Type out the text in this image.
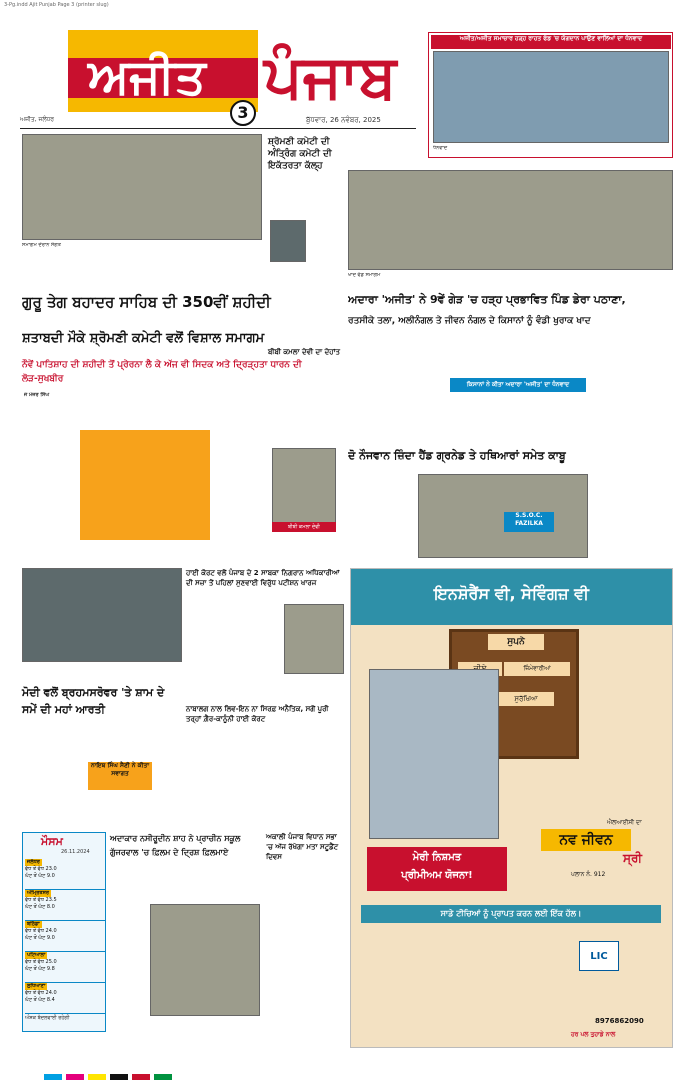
3-Pg.indd Ajit Punjab Page 3 (printer slug)
ਅਜੀਤ ਪੰਜਾਬ
3
ਅਜੀਤ, ਜਲੰਧਰ	ਬੁੱਧਵਾਰ, 26 ਨਵੰਬਰ, 2025
ਅਜੀਤ/ਅਜੀਤ ਸਮਾਚਾਰ ਹੜ੍ਹ ਰਾਹਤ ਫੰਡ 'ਚ ਯੋਗਦਾਨ ਪਾਉਣ ਵਾਲਿਆਂ ਦਾ ਧੰਨਵਾਦ
ਧੰਨਵਾਦ
ਸਮਾਗਮ ਦੌਰਾਨ ਸੰਗਤ
ਸ਼੍ਰੋਮਣੀ ਕਮੇਟੀ ਦੀ ਅੰਤ੍ਰਿੰਗ ਕਮੇਟੀ ਦੀ ਇਕੱਤਰਤਾ ਕੱਲ੍ਹ
ਗੁਰੂ ਤੇਗ ਬਹਾਦਰ ਸਾਹਿਬ ਦੀ 350ਵੀਂ ਸ਼ਹੀਦੀ
ਸ਼ਤਾਬਦੀ ਮੌਕੇ ਸ਼੍ਰੋਮਣੀ ਕਮੇਟੀ ਵਲੋਂ ਵਿਸ਼ਾਲ ਸਮਾਗਮ
ਨੌਵੇਂ ਪਾਤਿਸ਼ਾਹ ਦੀ ਸ਼ਹੀਦੀ ਤੋਂ ਪ੍ਰੇਰਨਾ ਲੈ ਕੇ ਅੱਜ ਵੀ ਸਿਦਕ ਅਤੇ ਦ੍ਰਿੜ੍ਹਤਾ ਧਾਰਨ ਦੀ ਲੋੜ-ਸੁਖਬੀਰ
ਜੋ ਮੇਜਰ ਸਿੰਘ
ਬੀਬੀ ਕਮਲਾ ਦੇਵੀ ਦਾ ਦੇਹਾਂਤ
ਬੀਬੀ ਕਮਲਾ ਦੇਵੀ
ਖਾਦ ਵੰਡ ਸਮਾਗਮ
ਅਦਾਰਾ 'ਅਜੀਤ' ਨੇ 9ਵੇਂ ਗੇੜ 'ਚ ਹੜ੍ਹ ਪ੍ਰਭਾਵਿਤ ਪਿੰਡ ਡੇਰਾ ਪਠਾਣਾ,
ਰਤਸੀਕੇ ਤਲਾ, ਅਲੀਨੰਗਲ ਤੇ ਜੀਵਨ ਨੰਗਲ ਦੇ ਕਿਸਾਨਾਂ ਨੂੰ ਵੰਡੀ ਖੁਰਾਕ ਖਾਦ
ਕਿਸਾਨਾਂ ਨੇ ਕੀਤਾ ਅਦਾਰਾ 'ਅਜੀਤ' ਦਾ ਧੰਨਵਾਦ
ਦੋ ਨੌਜਵਾਨ ਜ਼ਿੰਦਾ ਹੈਂਡ ਗ੍ਰਨੇਡ ਤੇ ਹਥਿਆਰਾਂ ਸਮੇਤ ਕਾਬੂ
S.S.O.C. FAZILKA
ਮੋਦੀ ਵਲੋਂ ਬ੍ਰਹਮਸਰੋਵਰ 'ਤੇ ਸ਼ਾਮ ਦੇ ਸਮੇਂ ਦੀ ਮਹਾਂ ਆਰਤੀ
ਨਾਇਬ ਸਿੰਘ ਸੈਣੀ ਨੇ ਕੀਤਾ ਸਵਾਗਤ
ਹਾਈ ਕੋਰਟ ਵਲੋਂ ਪੰਜਾਬ ਦੇ 2 ਸਾਬਕਾ ਨਿਗਰਾਨ ਅਧਿਕਾਰੀਆਂ ਦੀ ਸਜ਼ਾ ਤੋਂ ਪਹਿਲਾਂ ਸੁਣਵਾਈ ਵਿਰੁੱਧ ਪਟੀਸ਼ਨ ਖਾਰਜ
ਨਾਬਾਲਗ ਨਾਲ ਲਿਵ-ਇਨ ਨਾ ਸਿਰਫ਼ ਅਨੈਤਿਕ, ਸਗੋਂ ਪੂਰੀ ਤਰ੍ਹਾਂ ਗ਼ੈਰ-ਕਾਨੂੰਨੀ ਹਾਈ ਕੋਰਟ
ਮੌਸਮ
26.11.2024
ਜਲੰਧਰ
ਵੱਧ ਤੋਂ ਵੱਧ 23.0
ਘੱਟ ਤੋਂ ਘੱਟ 9.0
ਅੰਮ੍ਰਿਤਸਰ
ਵੱਧ ਤੋਂ ਵੱਧ 23.5
ਘੱਟ ਤੋਂ ਘੱਟ 8.0
ਬਠਿੰਡਾ
ਵੱਧ ਤੋਂ ਵੱਧ 24.0
ਘੱਟ ਤੋਂ ਘੱਟ 9.0
ਪਟਿਆਲਾ
ਵੱਧ ਤੋਂ ਵੱਧ 25.0
ਘੱਟ ਤੋਂ ਘੱਟ 9.8
ਲੁਧਿਆਣਾ
ਵੱਧ ਤੋਂ ਵੱਧ 24.0
ਘੱਟ ਤੋਂ ਘੱਟ 8.4
ਅੰਸ਼ਕ ਬੱਦਲਵਾਈ ਰਹੇਗੀ
ਅਦਾਕਾਰ ਨਸੀਰੂਦੀਨ ਸ਼ਾਹ ਨੇ ਪ੍ਰਾਚੀਨ ਸਕੂਲ ਗੁੱਜਰਵਾਲ 'ਚ ਫ਼ਿਲਮ ਦੇ ਦ੍ਰਿਸ਼ ਫ਼ਿਲਮਾਏ
ਅਕਾਲੀ ਪੰਜਾਬ ਵਿਧਾਨ ਸਭਾ 'ਚ ਅੱਜ ਰੱਖੇਗਾ ਮਤਾ ਸਟੂਡੈਂਟ ਦਿਵਸ
ਇਨਸ਼ੋਰੈਂਸ ਵੀ, ਸੇਵਿੰਗਜ਼ ਵੀ
ਸੁਪਨੇ
ਜ਼ਿੰਮੇਵਾਰੀਆਂ
ਸੁਰੱਖਿਆ
ਮੇਰੀ ਨਿਸ਼ਮਤ
ਪ੍ਰੀਮੀਅਮ ਯੋਜਨਾ!
ਐਲਆਈਸੀ ਦਾ
ਨਵ ਜੀਵਨ
ਸ੍ਰੀ
ਪਲਾਨ ਨੰ. 912
ਸਾਡੇ ਟੀਚਿਆਂ ਨੂੰ ਪ੍ਰਾਪਤ ਕਰਨ ਲਈ ਇੱਕ ਹੱਲ।
LIC
8976862090
ਹਰ ਪਲ ਤੁਹਾਡੇ ਨਾਲ
